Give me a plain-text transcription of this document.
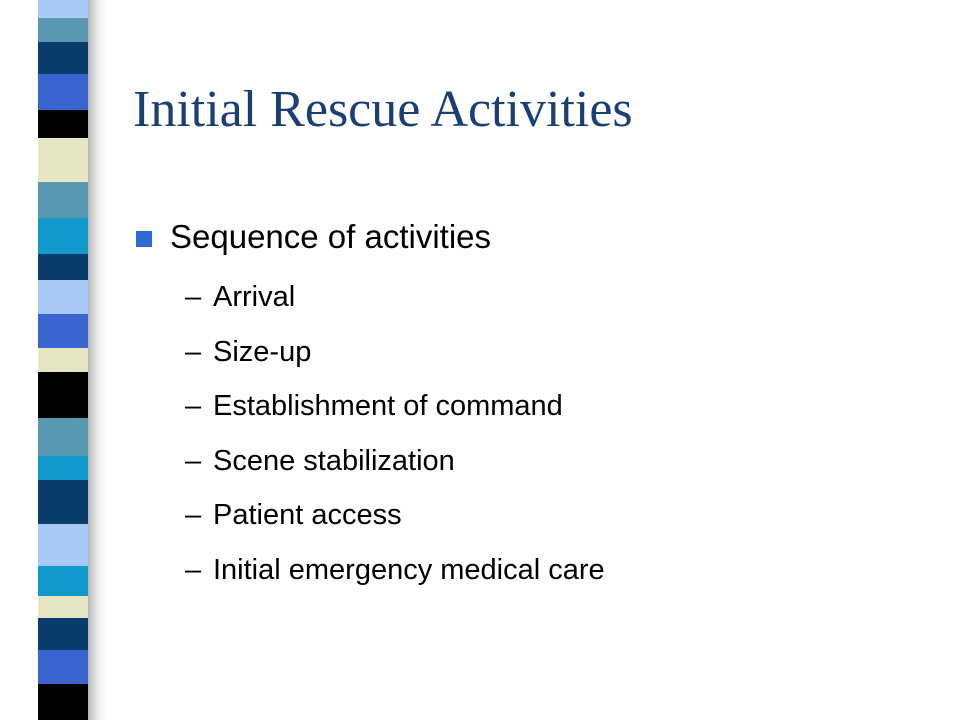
Initial Rescue Activities
Sequence of activities
– Arrival
– Size-up
– Establishment of command
– Scene stabilization
– Patient access
– Initial emergency medical care
